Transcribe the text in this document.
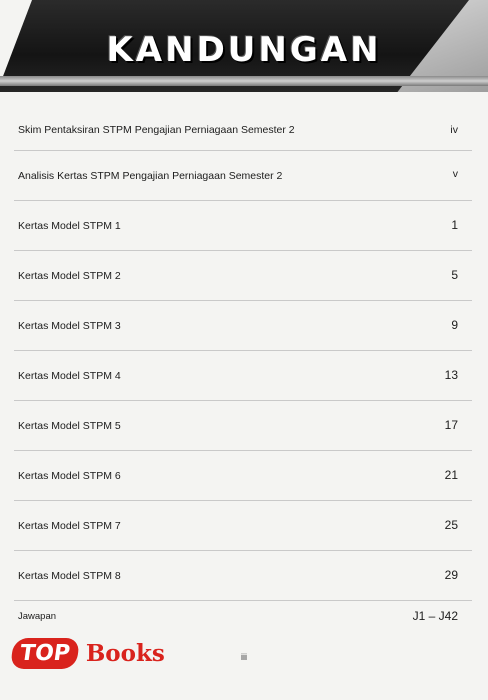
KANDUNGAN
Skim Pentaksiran STPM Pengajian Perniagaan Semester 2	iv
Analisis Kertas STPM Pengajian Perniagaan Semester 2	v
Kertas Model STPM 1	1
Kertas Model STPM 2	5
Kertas Model STPM 3	9
Kertas Model STPM 4	13
Kertas Model STPM 5	17
Kertas Model STPM 6	21
Kertas Model STPM 7	25
Kertas Model STPM 8	29
Jawapan	J1 – J42
TOP Books	iii
